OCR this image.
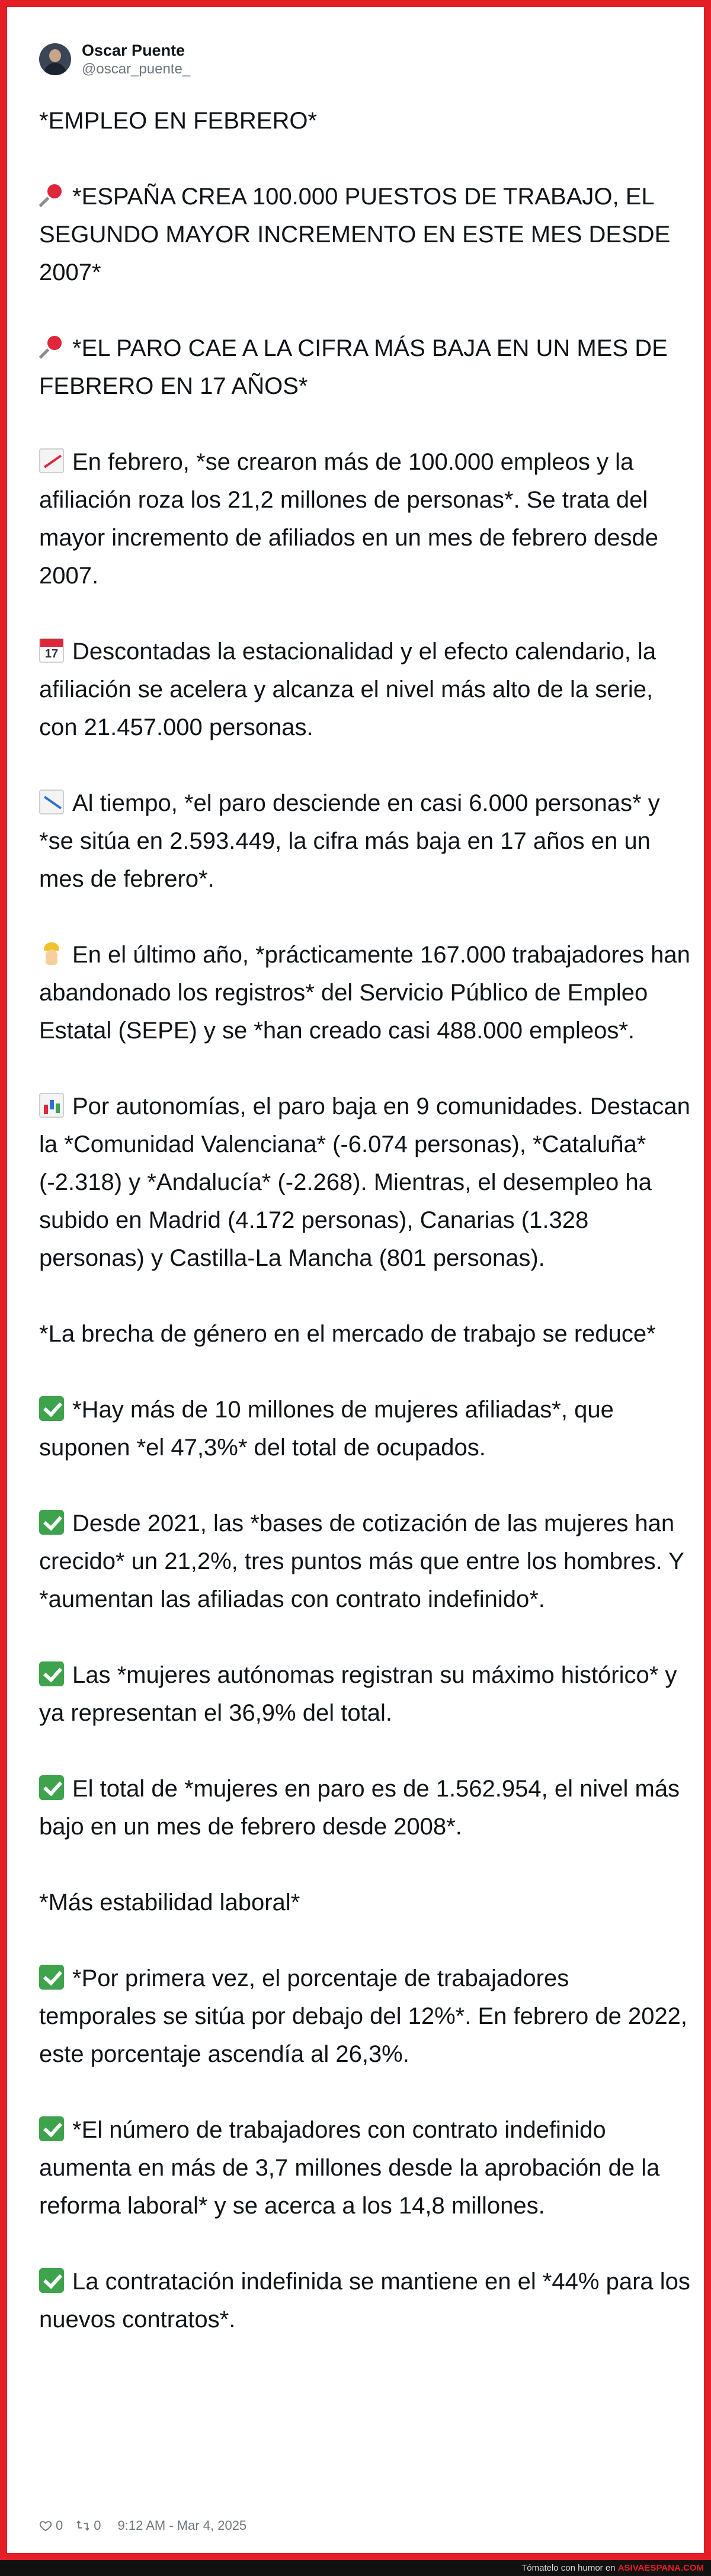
Oscar Puente
@oscar_puente_

*EMPLEO EN FEBRERO*

*ESPAÑA CREA 100.000 PUESTOS DE TRABAJO, EL SEGUNDO MAYOR INCREMENTO EN ESTE MES DESDE 2007*

*EL PARO CAE A LA CIFRA MÁS BAJA EN UN MES DE FEBRERO EN 17 AÑOS*

En febrero, *se crearon más de 100.000 empleos y la afiliación roza los 21,2 millones de personas*. Se trata del mayor incremento de afiliados en un mes de febrero desde 2007.

17Descontadas la estacionalidad y el efecto calendario, la afiliación se acelera y alcanza el nivel más alto de la serie, con 21.457.000 personas.

Al tiempo, *el paro desciende en casi 6.000 personas* y *se sitúa en 2.593.449, la cifra más baja en 17 años en un mes de febrero*.

En el último año, *prácticamente 167.000 trabajadores han abandonado los registros* del Servicio Público de Empleo Estatal (SEPE) y se *han creado casi 488.000 empleos*.

Por autonomías, el paro baja en 9 comunidades. Destacan la *Comunidad Valenciana* (-6.074 personas), *Cataluña* (-2.318) y *Andalucía* (-2.268). Mientras, el desempleo ha subido en Madrid (4.172 personas), Canarias (1.328 personas) y Castilla-La Mancha (801 personas).

*La brecha de género en el mercado de trabajo se reduce*

*Hay más de 10 millones de mujeres afiliadas*, que suponen *el 47,3%* del total de ocupados.

Desde 2021, las *bases de cotización de las mujeres han crecido* un 21,2%, tres puntos más que entre los hombres. Y *aumentan las afiliadas con contrato indefinido*.

Las *mujeres autónomas registran su máximo histórico* y ya representan el 36,9% del total.

El total de *mujeres en paro es de 1.562.954, el nivel más bajo en un mes de febrero desde 2008*.

*Más estabilidad laboral*

*Por primera vez, el porcentaje de trabajadores temporales se sitúa por debajo del 12%*. En febrero de 2022, este porcentaje ascendía al 26,3%.

*El número de trabajadores con contrato indefinido aumenta en más de 3,7 millones desde la aprobación de la reforma laboral* y se acerca a los 14,8 millones.

La contratación indefinida se mantiene en el *44% para los nuevos contratos*.

0 0 9:12 AM - Mar 4, 2025
Tómatelo con humor en ASIVAESPANA.COM
